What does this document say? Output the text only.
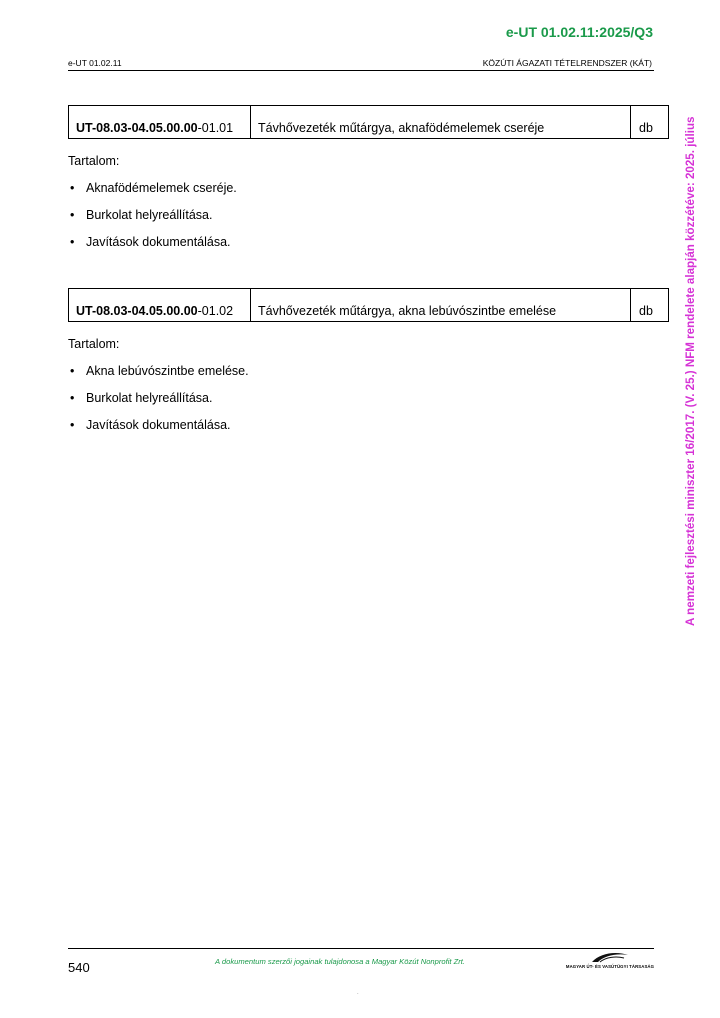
e-UT 01.02.11:2025/Q3
e-UT 01.02.11	KÖZÚTI ÁGAZATI TÉTELRENDSZER (KÁT)
UT-08.03-04.05.00.00 -01.01	Távhővezeték műtárgya, aknafödémelemek cseréje	db
Tartalom:
• Aknafödémelemek cseréje.
• Burkolat helyreállítása.
• Javítások dokumentálása.
UT-08.03-04.05.00.00 -01.02	Távhővezeték műtárgya, akna lebúvószintbe emelése	db
Tartalom:
• Akna lebúvószintbe emelése.
• Burkolat helyreállítása.
• Javítások dokumentálása.	A nemzeti fejlesztési miniszter 16/2017. (V. 25.) NFM rendelete alapján közzétéve: 2025. július
540	A dokumentum szerzői jogainak tulajdonosa a Magyar Közút Nonprofit Zrt.
MAGYAR ÚT- ÉS VASÚTÜGYI TÁRSASÁG
.
